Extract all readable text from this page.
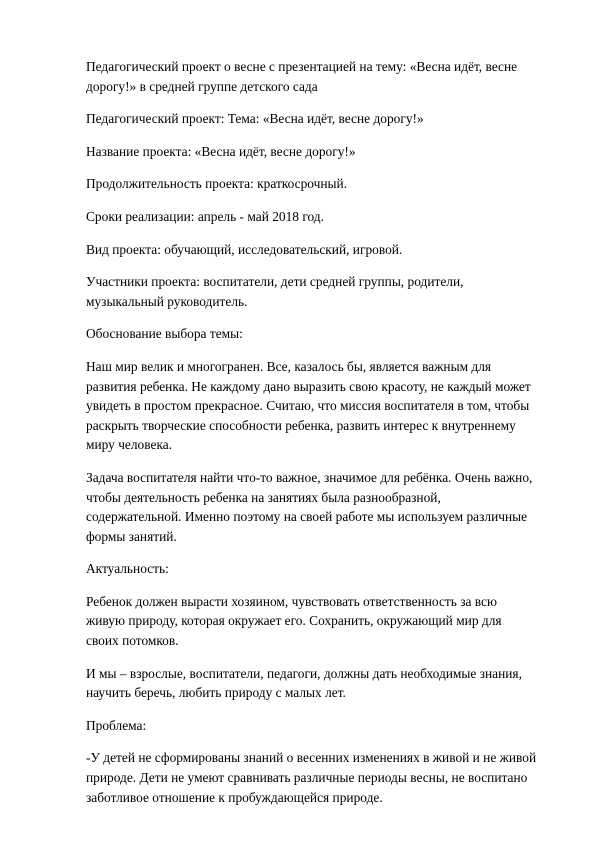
Педагогический проект о весне с презентацией на тему: «Весна идёт, весне
дорогу!» в средней группе детского сада

Педагогический проект: Тема: «Весна идёт, весне дорогу!»

Название проекта: «Весна идёт, весне дорогу!»

Продолжительность проекта: краткосрочный.

Сроки реализации: апрель - май 2018 год.

Вид проекта: обучающий, исследовательский, игровой.

Участники проекта: воспитатели, дети средней группы, родители,
музыкальный руководитель.

Обоснование выбора темы:

Наш мир велик и многогранен. Все, казалось бы, является важным для
развития ребенка. Не каждому дано выразить свою красоту, не каждый может
увидеть в простом прекрасное. Считаю, что миссия воспитателя в том, чтобы
раскрыть творческие способности ребенка, развить интерес к внутреннему
миру человека.

Задача воспитателя найти что-то важное, значимое для ребёнка. Очень важно,
чтобы деятельность ребенка на занятиях была разнообразной,
содержательной. Именно поэтому на своей работе мы используем различные
формы занятий.

Актуальность:

Ребенок должен вырасти хозяином, чувствовать ответственность за всю
живую природу, которая окружает его. Сохранить, окружающий мир для
своих потомков.

И мы – взрослые, воспитатели, педагоги, должны дать необходимые знания,
научить беречь, любить природу с малых лет.

Проблема:

-У детей не сформированы знаний о весенних изменениях в живой и не живой
природе. Дети не умеют сравнивать различные периоды весны, не воспитано
заботливое отношение к пробуждающейся природе.
